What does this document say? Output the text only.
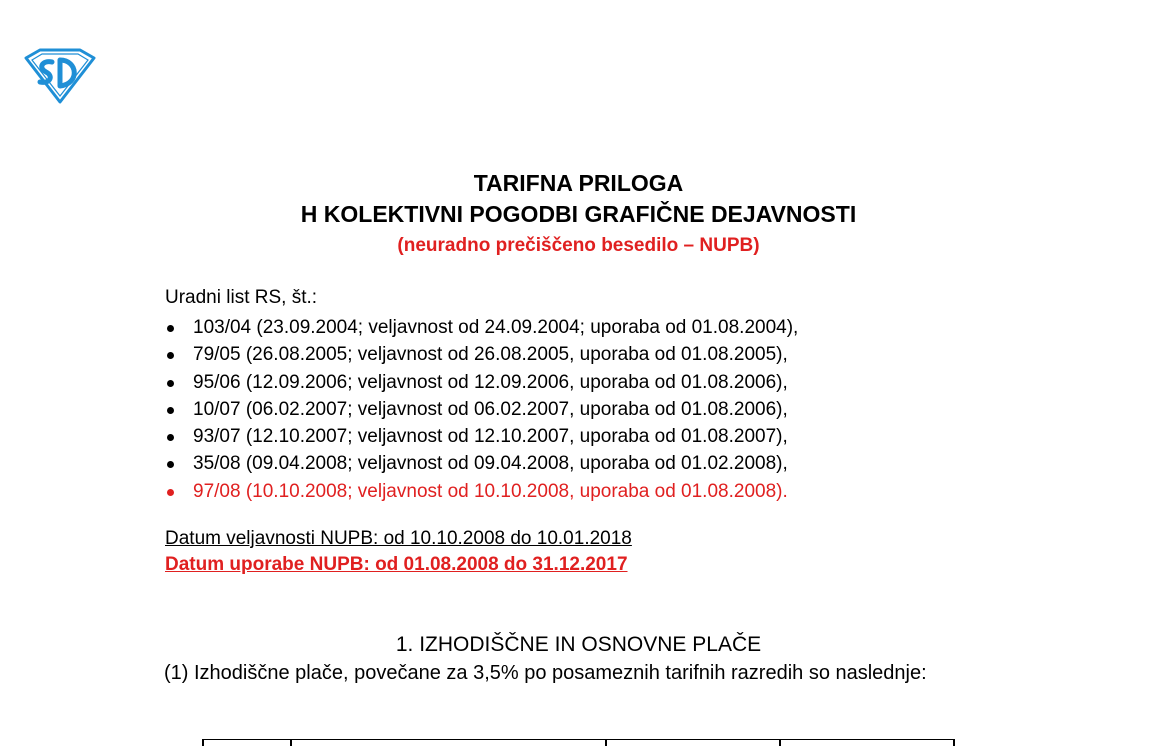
TARIFNA PRILOGA
H KOLEKTIVNI POGODBI GRAFIČNE DEJAVNOSTI
(neuradno prečiščeno besedilo – NUPB)
Uradni list RS, št.:
103/04 (23.09.2004; veljavnost od 24.09.2004; uporaba od 01.08.2004),
79/05 (26.08.2005; veljavnost od 26.08.2005, uporaba od 01.08.2005),
95/06 (12.09.2006; veljavnost od 12.09.2006, uporaba od 01.08.2006),
10/07 (06.02.2007; veljavnost od 06.02.2007, uporaba od 01.08.2006),
93/07 (12.10.2007; veljavnost od 12.10.2007, uporaba od 01.08.2007),
35/08 (09.04.2008; veljavnost od 09.04.2008, uporaba od 01.02.2008),
97/08 (10.10.2008; veljavnost od 10.10.2008, uporaba od 01.08.2008).
Datum veljavnosti NUPB: od 10.10.2008 do 10.01.2018
Datum uporabe NUPB: od 01.08.2008 do 31.12.2017
1. IZHODIŠČNE IN OSNOVNE PLAČE
(1) Izhodiščne plače, povečane za 3,5% po posameznih tarifnih razredih so naslednje:
